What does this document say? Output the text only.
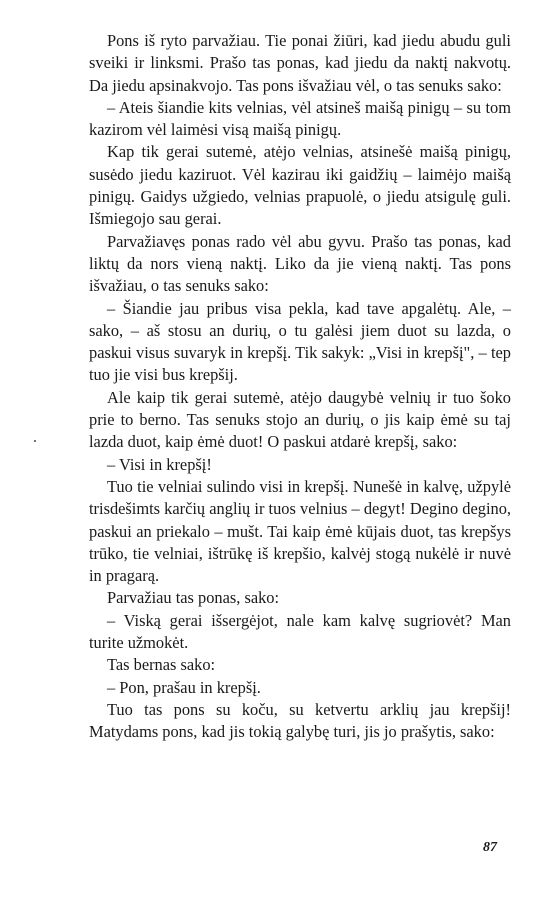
Pons iš ryto parvažiau. Tie ponai žiūri, kad jiedu abudu guli sveiki ir linksmi. Prašo tas ponas, kad jiedu da naktį nakvotų. Da jiedu apsinakvojo. Tas pons išvažiau vėl, o tas senuks sako:

– Ateis šiandie kits velnias, vėl atsineš maišą pinigų – su tom kazirom vėl laimėsi visą maišą pinigų.

Kap tik gerai sutemė, atėjo velnias, atsinešė maišą pinigų, susėdo jiedu kaziruot. Vėl kazirau iki gaidžių – laimėjo maišą pinigų. Gaidys užgiedo, velnias prapuolė, o jiedu atsigulę guli. Išmiegojo sau gerai.

Parvažiavęs ponas rado vėl abu gyvu. Prašo tas ponas, kad liktų da nors vieną naktį. Liko da jie vieną naktį. Tas pons išvažiau, o tas senuks sako:

– Šiandie jau pribus visa pekla, kad tave apgalėtų. Ale, – sako, – aš stosu an durių, o tu galėsi jiem duot su lazda, o paskui visus suvaryk in krepšį. Tik sakyk: „Visi in krepšį", – tep tuo jie visi bus krepšij.

Ale kaip tik gerai sutemė, atėjo daugybė velnių ir tuo šoko prie to berno. Tas senuks stojo an durių, o jis kaip ėmė su taj lazda duot, kaip ėmė duot! O paskui atdarė krepšį, sako:

– Visi in krepšį!

Tuo tie velniai sulindo visi in krepšį. Nunešė in kalvę, užpylė trisdešimts karčių anglių ir tuos velnius – degyt! Degino degino, paskui an priekalo – mušt. Tai kaip ėmė kūjais duot, tas krepšys trūko, tie velniai, ištrūkę iš krepšio, kalvėj stogą nukėlė ir nuvė in pragarą.

Parvažiau tas ponas, sako:

– Viską gerai išsergėjot, nale kam kalvę sugriovėt? Man turite užmokėt.

Tas bernas sako:

– Pon, prašau in krepšį.

Tuo tas pons su koču, su ketvertu arklių jau krepšij! Matydams pons, kad jis tokią galybę turi, jis jo prašytis, sako:

87
